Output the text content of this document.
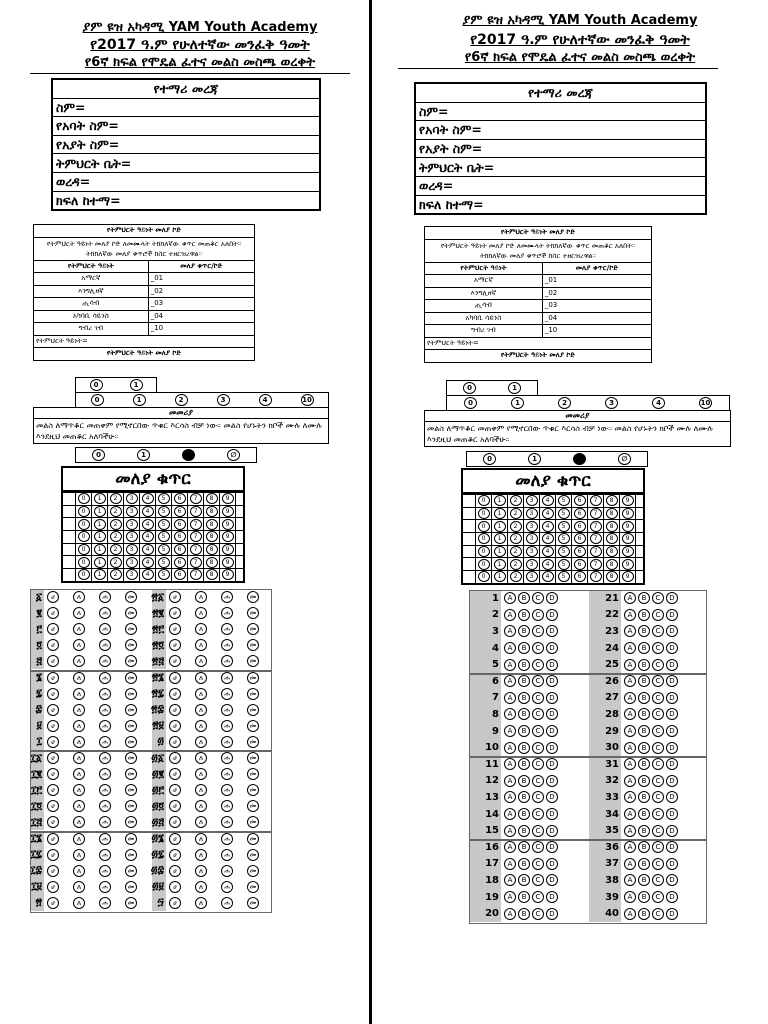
ያም ዩዝ አካዳሚ YAM Youth Academy
የ2017 ዓ.ም የሁለተኛው መንፈቅ ዓመት
የ6ኛ ክፍል የሞዴል ፈተና መልስ መስጫ ወረቀት
የተማሪ መረጃ
ስም=
የአባት ስም=
የአያት ስም=
ትምህርት ቤት=
ወረዳ=
ክፍለ ከተማ=
የትምህርት ዓይነት መለያ ኮድ	
የትምህርት ዓይነት መለያ ኮድ ለመሙላት ትክክለኛው ቁጥር መጠቆር አለበት። ትክክለኛው መለያ ቁጥሮች ከስር ተዘርዝረዋል።	
የትምህርት ዓይነት	መለያ ቁጥር/ኮድ
አማርኛ	_01
እንግሊዘኛ	_02
ሒሳብ	_03
አካባቢ ሳይንስ	_04
ግብረ ገብ	_10
የትምህርት ዓይነት=	
የትምህርት ዓይነት መለያ ኮድ	
0	1
0	1	2	3	4	10
መመሪያ
መልስ ለማጥቆር መጠቀም የሚኖርበው ጥቁር እርሳስ ብቻ ነው። መልስ የሆኑትን ክቦች ሙሉ ለሙሉ እንደዚህ መጠቆር አለባችሁ።
0	1	●	∅
መለያ ቁጥር
0	1	2	3	4	5	6	7	8	9
0	1	2	3	4	5	6	7	8	9
0	1	2	3	4	5	6	7	8	9
0	1	2	3	4	5	6	7	8	9
0	1	2	3	4	5	6	7	8	9
0	1	2	3	4	5	6	7	8	9
0	1	2	3	4	5	6	7	8	9
፩	ሀ	ለ	ሐ	መ
፪	ሀ	ለ	ሐ	መ
፫	ሀ	ለ	ሐ	መ
፬	ሀ	ለ	ሐ	መ
፭	ሀ	ለ	ሐ	መ
፮	ሀ	ለ	ሐ	መ
፯	ሀ	ለ	ሐ	መ
፰	ሀ	ለ	ሐ	መ
፱	ሀ	ለ	ሐ	መ
፲	ሀ	ለ	ሐ	መ
፲፩	ሀ	ለ	ሐ	መ
፲፪	ሀ	ለ	ሐ	መ
፲፫	ሀ	ለ	ሐ	መ
፲፬	ሀ	ለ	ሐ	መ
፲፭	ሀ	ለ	ሐ	መ
፲፮	ሀ	ለ	ሐ	መ
፲፯	ሀ	ለ	ሐ	መ
፲፰	ሀ	ለ	ሐ	መ
፲፱	ሀ	ለ	ሐ	መ
፳	ሀ	ለ	ሐ	መ
፳፩	ሀ	ለ	ሐ	መ
፳፪	ሀ	ለ	ሐ	መ
፳፫	ሀ	ለ	ሐ	መ
፳፬	ሀ	ለ	ሐ	መ
፳፭	ሀ	ለ	ሐ	መ
፳፮	ሀ	ለ	ሐ	መ
፳፯	ሀ	ለ	ሐ	መ
፳፰	ሀ	ለ	ሐ	መ
፳፱	ሀ	ለ	ሐ	መ
፴	ሀ	ለ	ሐ	መ
፴፩	ሀ	ለ	ሐ	መ
፴፪	ሀ	ለ	ሐ	መ
፴፫	ሀ	ለ	ሐ	መ
፴፬	ሀ	ለ	ሐ	መ
፴፭	ሀ	ለ	ሐ	መ
፴፮	ሀ	ለ	ሐ	መ
፴፯	ሀ	ለ	ሐ	መ
፴፰	ሀ	ለ	ሐ	መ
፴፱	ሀ	ለ	ሐ	መ
፵	ሀ	ለ	ሐ	መ
ያም ዩዝ አካዳሚ YAM Youth Academy
የ2017 ዓ.ም የሁለተኛው መንፈቅ ዓመት
የ6ኛ ክፍል የሞዴል ፈተና መልስ መስጫ ወረቀት
የተማሪ መረጃ
ስም=
የአባት ስም=
የአያት ስም=
ትምህርት ቤት=
ወረዳ=
ክፍለ ከተማ=
የትምህርት ዓይነት መለያ ኮድ	
የትምህርት ዓይነት መለያ ኮድ ለመሙላት ትክክለኛው ቁጥር መጠቆር አለበት። ትክክለኛው መለያ ቁጥሮች ከስር ተዘርዝረዋል።	
የትምህርት ዓይነት	መለያ ቁጥር/ኮድ
አማርኛ	_01
እንግሊዘኛ	_02
ሒሳብ	_03
አካባቢ ሳይንስ	_04
ግብረ ገብ	_10
የትምህርት ዓይነት=	
የትምህርት ዓይነት መለያ ኮድ	
0	1
0	1	2	3	4	10
መመሪያ
መልስ ለማጥቆር መጠቀም የሚኖርበው ጥቁር እርሳስ ብቻ ነው። መልስ የሆኑትን ክቦች ሙሉ ለሙሉ እንደዚህ መጠቆር አለባችሁ።
0	1	●	∅
መለያ ቁጥር
0	1	2	3	4	5	6	7	8	9
0	1	2	3	4	5	6	7	8	9
0	1	2	3	4	5	6	7	8	9
0	1	2	3	4	5	6	7	8	9
0	1	2	3	4	5	6	7	8	9
0	1	2	3	4	5	6	7	8	9
0	1	2	3	4	5	6	7	8	9
1	A	B	C	D
2	A	B	C	D
3	A	B	C	D
4	A	B	C	D
5	A	B	C	D
6	A	B	C	D
7	A	B	C	D
8	A	B	C	D
9	A	B	C	D
10	A	B	C	D
11	A	B	C	D
12	A	B	C	D
13	A	B	C	D
14	A	B	C	D
15	A	B	C	D
16	A	B	C	D
17	A	B	C	D
18	A	B	C	D
19	A	B	C	D
20	A	B	C	D
21	A	B	C	D
22	A	B	C	D
23	A	B	C	D
24	A	B	C	D
25	A	B	C	D
26	A	B	C	D
27	A	B	C	D
28	A	B	C	D
29	A	B	C	D
30	A	B	C	D
31	A	B	C	D
32	A	B	C	D
33	A	B	C	D
34	A	B	C	D
35	A	B	C	D
36	A	B	C	D
37	A	B	C	D
38	A	B	C	D
39	A	B	C	D
40	A	B	C	D
